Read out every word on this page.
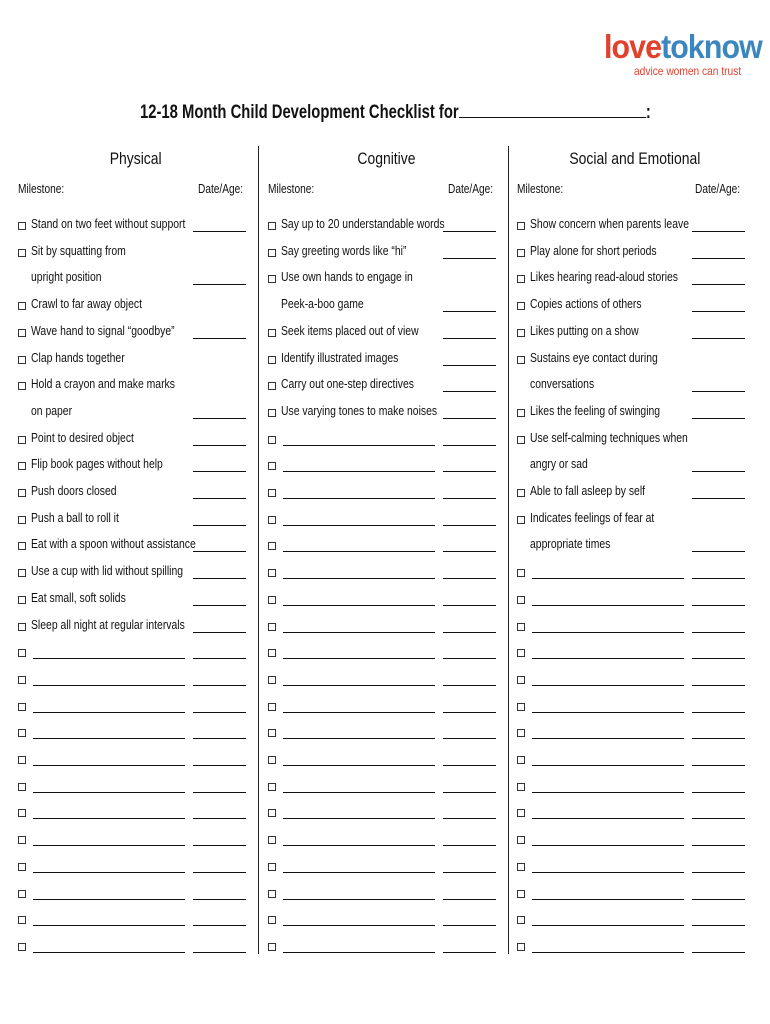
lovetoknow
advice women can trust
12-18 Month Child Development Checklist for	:
Physical
Milestone:	Date/Age:
Stand on two feet without support
Sit by squatting from
upright position
Crawl to far away object
Wave hand to signal “goodbye”
Clap hands together
Hold a crayon and make marks
on paper
Point to desired object
Flip book pages without help
Push doors closed
Push a ball to roll it
Eat with a spoon without assistance
Use a cup with lid without spilling
Eat small, soft solids
Sleep all night at regular intervals
Cognitive
Milestone:	Date/Age:
Say up to 20 understandable words
Say greeting words like “hi”
Use own hands to engage in
Peek-a-boo game
Seek items placed out of view
Identify illustrated images
Carry out one-step directives
Use varying tones to make noises
Social and Emotional
Milestone:	Date/Age:
Show concern when parents leave
Play alone for short periods
Likes hearing read-aloud stories
Copies actions of others
Likes putting on a show
Sustains eye contact during
conversations
Likes the feeling of swinging
Use self-calming techniques when
angry or sad
Able to fall asleep by self
Indicates feelings of fear at
appropriate times
